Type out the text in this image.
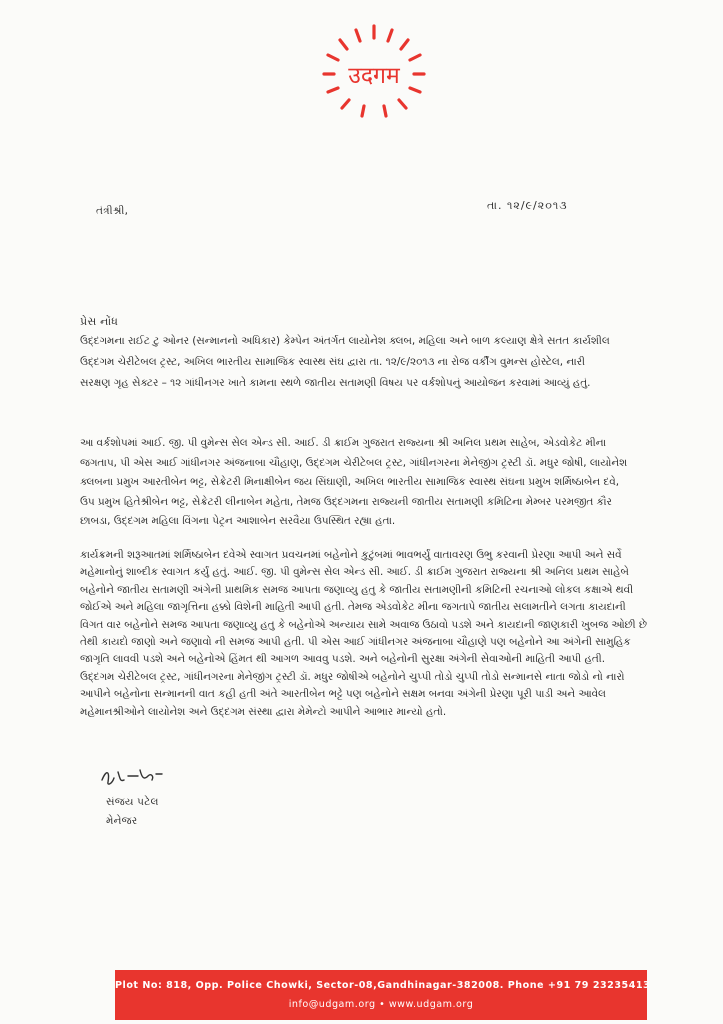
उदगम
તંત્રીશ્રી,	તા. ૧૨/૯/૨૦૧૩
પ્રેસ નોંધ
ઉદ્દગમના રાઈટ ટુ ઓનર (સન્માનનો અધિકાર) કેમ્પેન અંતર્ગત લાયોનેશ ક્લબ, મહિલા અને બાળ કલ્યાણ ક્ષેત્રે સતત કાર્યશીલ
ઉદ્દગમ ચેરીટેબલ ટ્રસ્ટ, અખિલ ભારતીય સામાજિક સ્વાસ્થ સંઘ દ્વારા તા. ૧૨/૯/૨૦૧૩ ના રોજ વર્કીંગ વુમન્સ હોસ્ટેલ, નારી
સરક્ષણ ગૃહ સેક્ટર – ૧૨ ગાંધીનગર ખાતે કામના સ્થળે જાતીય સતામણી વિષય પર વર્કશોપનું આયોજન કરવામાં આવ્યું હતું.
આ વર્કશોપમાં આઈ. જી. પી વુમેન્સ સેલ એન્ડ સી. આઈ. ડી ક્રાઈમ ગુજરાત રાજ્યના શ્રી અનિલ પ્રથમ સાહેબ, એડવોકેટ મીના
જગતાપ, પી એસ આઈ ગાંધીનગર અંજનાબા ચૌહાણ, ઉદ્દગમ ચેરીટેબલ ટ્રસ્ટ, ગાંધીનગરના મેનેજીંગ ટ્રસ્ટી ડૉ. મધુર જોષી, લાયોનેશ
ક્લબના પ્રમુખ આરતીબેન ભટ્ટ, સેક્રેટરી મિનાક્ષીબેન જય સિંઘાણી, અખિલ ભારતીય સામાજિક સ્વાસ્થ સંઘના પ્રમુખ શર્મિષ્ઠાબેન દવે,
ઉપ પ્રમુખ હિતેશ્રીબેન ભટ્ટ, સેક્રેટરી લીનાબેન મહેતા, તેમજ ઉદ્દગમના રાજ્યની જાતીય સતામણી કમિટિના મેમ્બર પરમજીત કૌર
છાબડા, ઉદ્દગમ મહિલા વિંગના પેટ્રન આશાબેન સરવૈયા ઉપસ્થિત રહ્યા હતા.
કાર્યક્રમની શરૂઆતમાં શર્મિષ્ઠાબેન દવેએ સ્વાગત પ્રવચનમાં બહેનોને કુટુંબમાં ભાવભર્યું વાતાવરણ ઉભુ કરવાની પ્રેરણા આપી અને સર્વે
મહેમાનોનું શાબ્દીક સ્વાગત કર્યું હતું. આઈ. જી. પી વુમેન્સ સેલ એન્ડ સી. આઈ. ડી ક્રાઈમ ગુજરાત રાજ્યના શ્રી અનિલ પ્રથમ સાહેબે
બહેનોને જાતીય સતામણી અંગેની પ્રાથમિક સમજ આપતા જણાવ્યુ હતુ કે જાતીય સતામણીની કમિટિની રચનાઓ લોકલ કક્ષાએ થવી
જોઈએ અને મહિલા જાગૃત્તિના હક્કો વિશેની માહિતી આપી હતી. તેમજ એડવોકેટ મીના જગતાપે જાતીય સલામતીને લગતા કાયદાની
વિગત વાર બહેનોને સમજ આપતા જણાવ્યુ હતુ કે બહેનોએ અન્યાય સામે અવાજ ઉઠાવો પડશે અને કાયદાની જાણકારી ખુબજ ઓછી છે
તેથી કાયદો જાણો અને જણાવો ની સમજ આપી હતી. પી એસ આઈ ગાંધીનગર અંજનાબા ચૌહાણે પણ બહેનોને આ અંગેની સામુહિક
જાગૃતિ લાવવી પડશે અને બહેનોએ હિંમત થી આગળ આવવુ પડશે. અને બહેનોની સુરક્ષા અંગેની સેવાઓની માહિતી આપી હતી.
ઉદ્દગમ ચેરીટેબલ ટ્રસ્ટ, ગાંધીનગરના મેનેજીંગ ટ્રસ્ટી ડૉ. મધુર જોષીએ બહેનોને ચુપ્પી તોડો ચુપ્પી તોડો સન્માનસે નાતા જોડો નો નારો
આપીને બહેનોના સન્માનની વાત કહી હતી અંતે આરતીબેન ભટ્ટે પણ બહેનોને સક્ષમ બનવા અંગેની પ્રેરણા પૂરી પાડી અને આવેલ
મહેમાનશ્રીઓને લાયોનેશ અને ઉદ્દગમ સંસ્થા દ્વારા મેમેન્ટો આપીને આભાર માન્યો હતો.
સંજય પટેલ
મેનેજર
Plot No: 818, Opp. Police Chowki, Sector-08,Gandhinagar-382008. Phone +91 79 23235413
info@udgam.org • www.udgam.org
